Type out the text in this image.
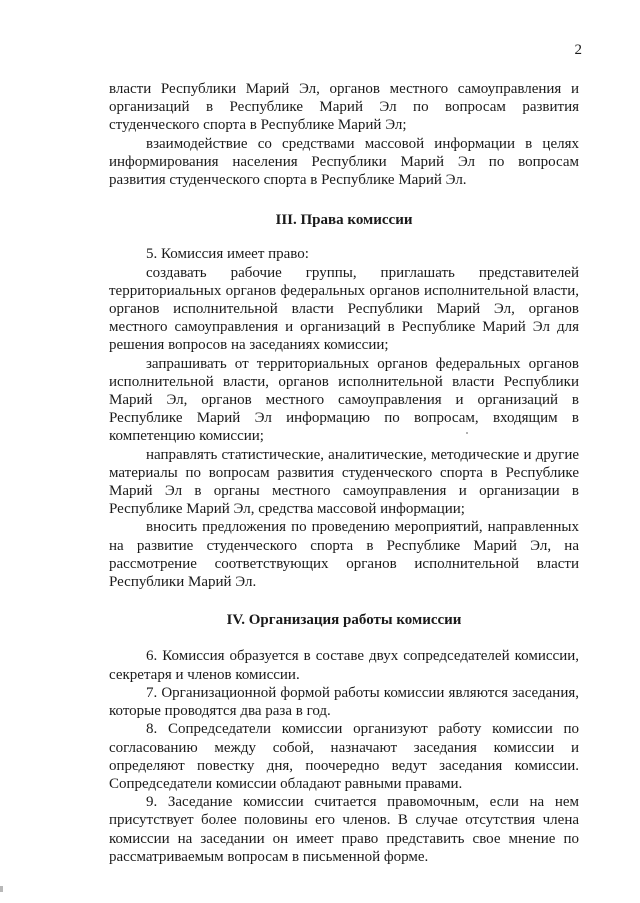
2

власти Республики Марий Эл, органов местного самоуправления и организаций в Республике Марий Эл по вопросам развития студенческого спорта в Республике Марий Эл;

взаимодействие со средствами массовой информации в целях информирования населения Республики Марий Эл по вопросам развития студенческого спорта в Республике Марий Эл.

III. Права комиссии

5. Комиссия имеет право:

создавать рабочие группы, приглашать представителей территориальных органов федеральных органов исполнительной власти, органов исполнительной власти Республики Марий Эл, органов местного самоуправления и организаций в Республике Марий Эл для решения вопросов на заседаниях комиссии;

запрашивать от территориальных органов федеральных органов исполнительной власти, органов исполнительной власти Республики Марий Эл, органов местного самоуправления и организаций в Республике Марий Эл информацию по вопросам, входящим в компетенцию комиссии;

направлять статистические, аналитические, методические и другие материалы по вопросам развития студенческого спорта в Республике Марий Эл в органы местного самоуправления и организации в Республике Марий Эл, средства массовой информации;

вносить предложения по проведению мероприятий, направленных на развитие студенческого спорта в Республике Марий Эл, на рассмотрение соответствующих органов исполнительной власти Республики Марий Эл.

IV. Организация работы комиссии

6. Комиссия образуется в составе двух сопредседателей комиссии, секретаря и членов комиссии.

7. Организационной формой работы комиссии являются заседания, которые проводятся два раза в год.

8. Сопредседатели комиссии организуют работу комиссии по согласованию между собой, назначают заседания комиссии и определяют повестку дня, поочередно ведут заседания комиссии. Сопредседатели комиссии обладают равными правами.

9. Заседание комиссии считается правомочным, если на нем присутствует более половины его членов. В случае отсутствия члена комиссии на заседании он имеет право представить свое мнение по рассматриваемым вопросам в письменной форме.
